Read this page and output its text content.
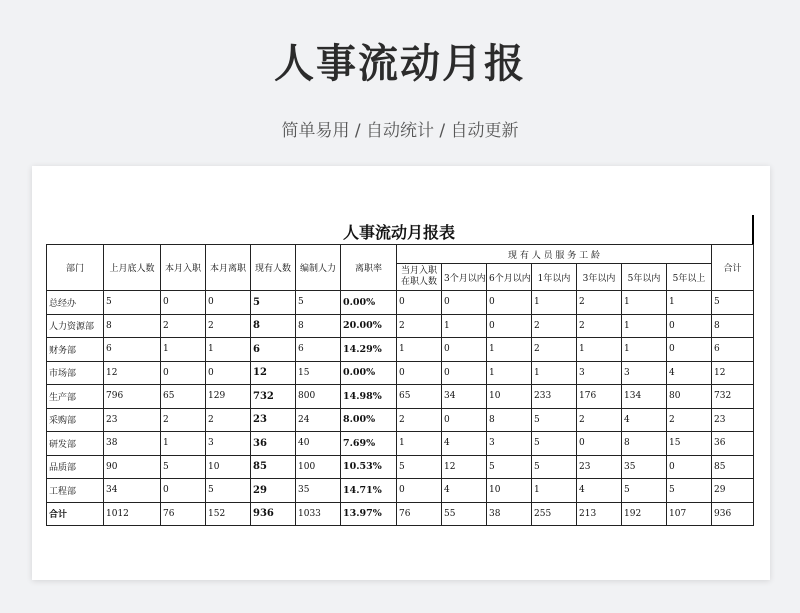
人事流动月报
简单易用 / 自动统计 / 自动更新
人事流动月报表
部门	上月底人数	本月入职	本月离职	现有人数	编制人力	离职率	现 有 人 员 服 务 工 龄							合计
							当月入职在职人数	3个月以内	6个月以内	1年以内	3年以内	5年以内	5年以上	
总经办	5	0	0	5	5	0.00%	0	0	0	1	2	1	1	5
人力资源部	8	2	2	8	8	20.00%	2	1	0	2	2	1	0	8
财务部	6	1	1	6	6	14.29%	1	0	1	2	1	1	0	6
市场部	12	0	0	12	15	0.00%	0	0	1	1	3	3	4	12
生产部	796	65	129	732	800	14.98%	65	34	10	233	176	134	80	732
采购部	23	2	2	23	24	8.00%	2	0	8	5	2	4	2	23
研发部	38	1	3	36	40	7.69%	1	4	3	5	0	8	15	36
品质部	90	5	10	85	100	10.53%	5	12	5	5	23	35	0	85
工程部	34	0	5	29	35	14.71%	0	4	10	1	4	5	5	29
合计	1012	76	152	936	1033	13.97%	76	55	38	255	213	192	107	936
